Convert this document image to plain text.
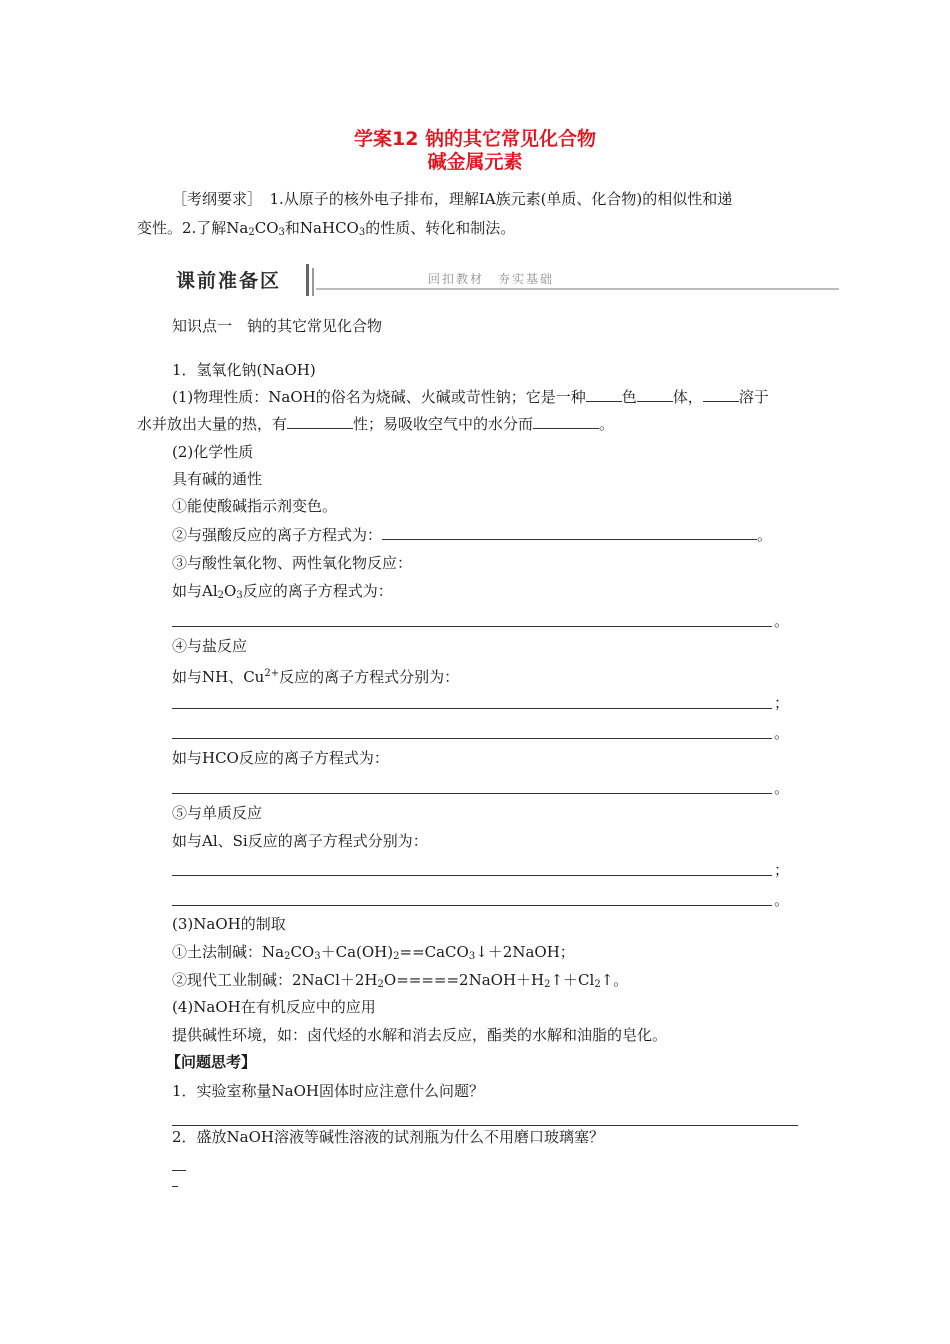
学案12 钠的其它常见化合物
碱金属元素
［考纲要求］　1.从原子的核外电子排布，理解ⅠA族元素(单质、化合物)的相似性和递
变性。2.了解$Na_2CO_3$和NaHCO$_3$的性质、转化和制法。
课前准备区	回扣教材　夯实基础
知识点一　钠的其它常见化合物
1．氢氧化钠(NaOH)
(1)物理性质：NaOH的俗名为烧碱、火碱或苛性钠；它是一种 色 体， 溶于
水并放出大量的热，有	性；易吸收空气中的水分而	。
(2)化学性质
具有碱的通性
①能使酸碱指示剂变色。
②与强酸反应的离子方程式为：	。
③与酸性氧化物、两性氧化物反应：
如与$Al_2O_3$反应的离子方程式为：
。
④与盐反应
如与NH、$Cu^{2+}$反应的离子方程式分别为：
；
。
如与HCO反应的离子方程式为：
。
⑤与单质反应
如与Al、Si反应的离子方程式分别为：
；
。
(3)NaOH的制取
①土法制碱：$Na_2CO_3+Ca(OH)_2==CaCO_3↓+2NaOH$；
②现代工业制碱：$2NaCl+2H_2O=====2NaOH+H_2↑+Cl_2↑$。
(4)NaOH在有机反应中的应用
提供碱性环境，如：卤代烃的水解和消去反应，酯类的水解和油脂的皂化。
【问题思考】
1．实验室称量NaOH固体时应注意什么问题？
2．盛放NaOH溶液等碱性溶液的试剂瓶为什么不用磨口玻璃塞？
